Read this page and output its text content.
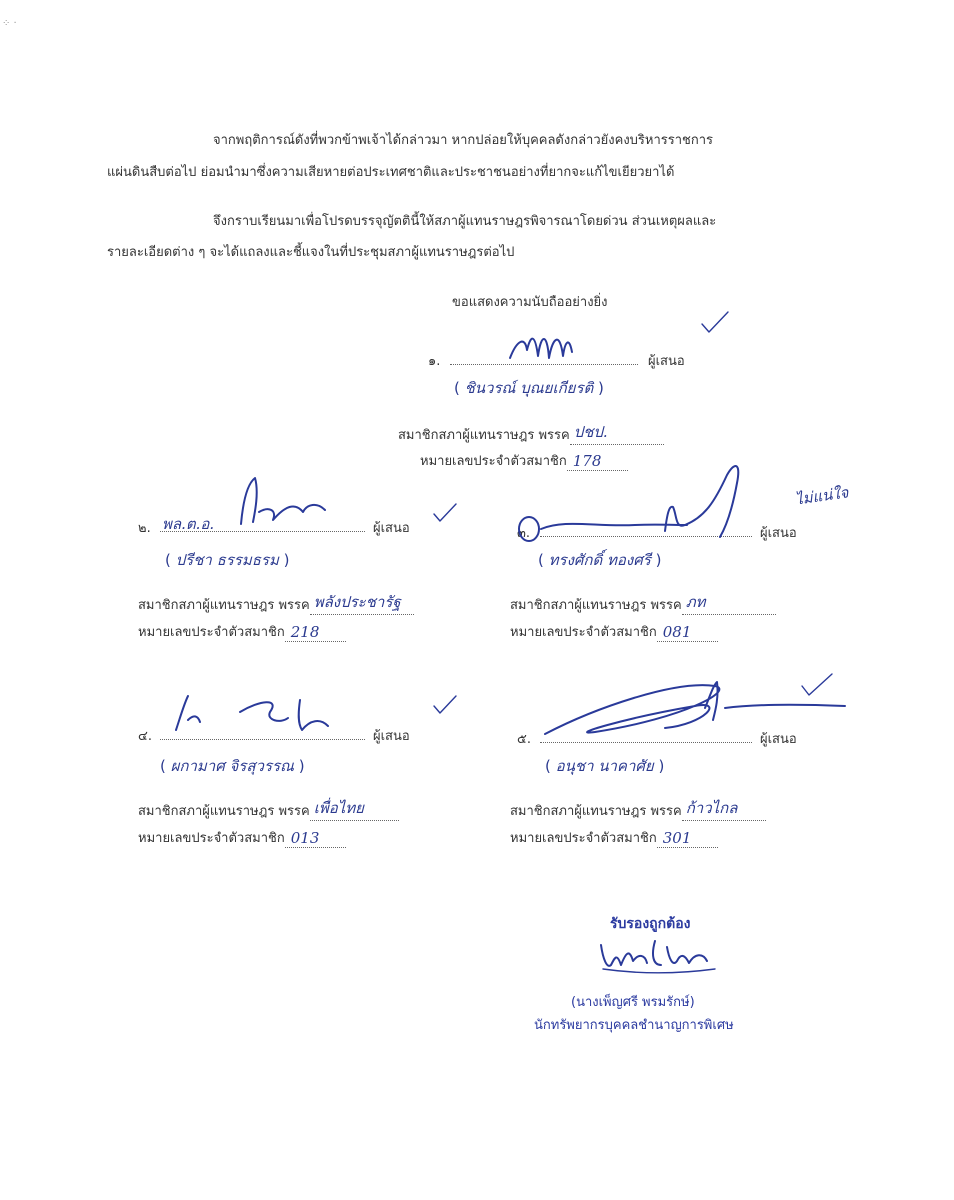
⁘ ·
จากพฤติการณ์ดังที่พวกข้าพเจ้าได้กล่าวมา หากปล่อยให้บุคคลดังกล่าวยังคงบริหารราชการ
แผ่นดินสืบต่อไป ย่อมนำมาซึ่งความเสียหายต่อประเทศชาติและประชาชนอย่างที่ยากจะแก้ไขเยียวยาได้
จึงกราบเรียนมาเพื่อโปรดบรรจุญัตตินี้ให้สภาผู้แทนราษฎรพิจารณาโดยด่วน ส่วนเหตุผลและ
รายละเอียดต่าง ๆ จะได้แถลงและชี้แจงในที่ประชุมสภาผู้แทนราษฎรต่อไป
ขอแสดงความนับถืออย่างยิ่ง
๑.	ผู้เสนอ
( ชินวรณ์ บุณยเกียรติ )
สมาชิกสภาผู้แทนราษฎร พรรค ปชป.
หมายเลขประจำตัวสมาชิก 178
๒. พล.ต.อ.	ผู้เสนอ
( ปรีชา ธรรมธรม )
สมาชิกสภาผู้แทนราษฎร พรรค พลังประชารัฐ
หมายเลขประจำตัวสมาชิก 218
๓.	ผู้เสนอ
ไม่แน่ใจ
( ทรงศักดิ์ ทองศรี )
สมาชิกสภาผู้แทนราษฎร พรรค ภท
หมายเลขประจำตัวสมาชิก 081
๔.	ผู้เสนอ
( ผกามาศ จิรสุวรรณ )
สมาชิกสภาผู้แทนราษฎร พรรค เพื่อไทย
หมายเลขประจำตัวสมาชิก 013
๕.	ผู้เสนอ
( อนุชา นาคาศัย )
สมาชิกสภาผู้แทนราษฎร พรรค ก้าวไกล
หมายเลขประจำตัวสมาชิก 301
รับรองถูกต้อง
(นางเพ็ญศรี พรมรักษ์)
นักทรัพยากรบุคคลชำนาญการพิเศษ
